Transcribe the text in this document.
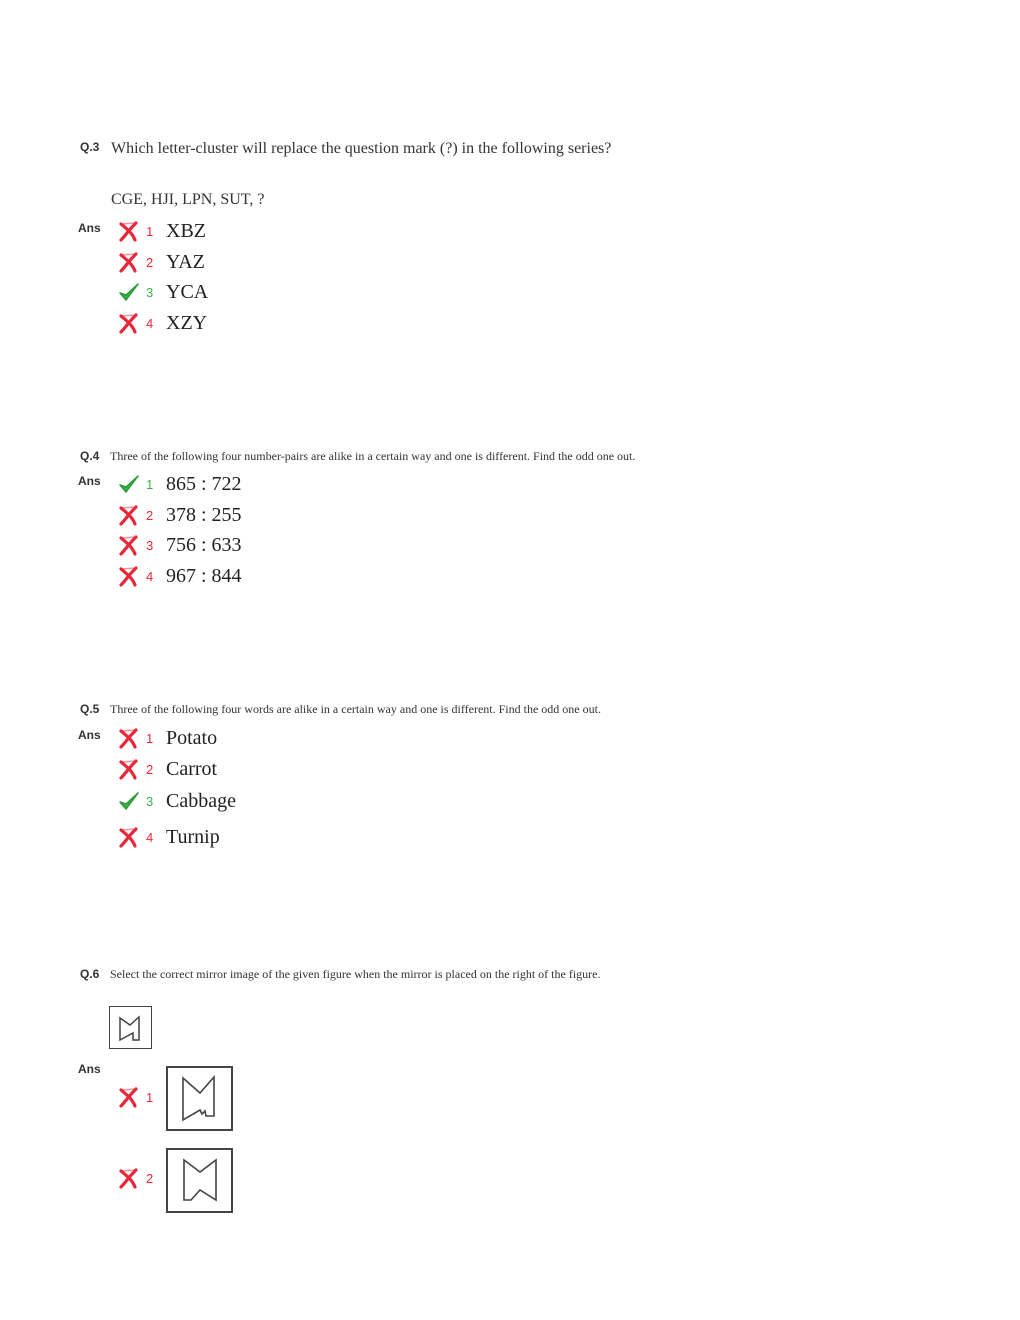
Q.3 Which letter-cluster will replace the question mark (?) in the following series?
CGE, HJI, LPN, SUT, ?
Ans	1 XBZ
2 YAZ
3 YCA
4 XZY
Q.4 Three of the following four number-pairs are alike in a certain way and one is different. Find the odd one out.
Ans	1 865 : 722
2 378 : 255
3 756 : 633
4 967 : 844
Q.5 Three of the following four words are alike in a certain way and one is different. Find the odd one out.
Ans	1 Potato
2 Carrot
3 Cabbage
4 Turnip
Q.6 Select the correct mirror image of the given figure when the mirror is placed on the right of the figure.
Ans
1
2
